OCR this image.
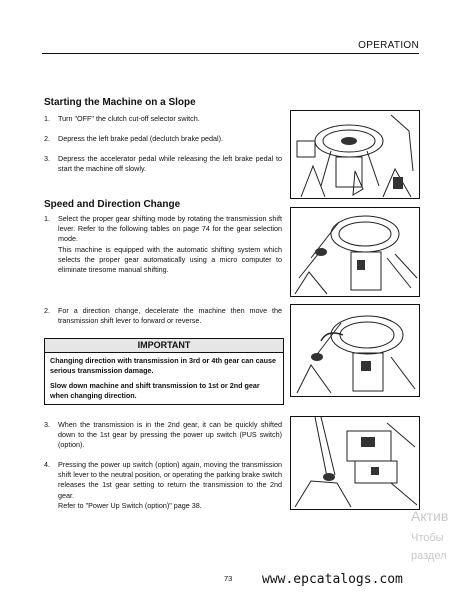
OPERATION
Starting the Machine on a Slope
1. Turn "OFF" the clutch cut-off selector switch.
2. Depress the left brake pedal (declutch brake pedal).
3. Depress the accelerator pedal while releasing the left brake pedal to start the machine off slowly.
Speed and Direction Change
1. Select the proper gear shifting mode by rotating the transmission shift lever. Refer to the following tables on page 74 for the gear selection mode.
This machine is equipped with the automatic shifting system which selects the proper gear automatically using a micro computer to eliminate tiresome manual shifting.
2. For a direction change, decelerate the machine then move the transmission shift lever to forward or reverse.
IMPORTANT
Changing direction with transmission in 3rd or 4th gear can cause serious transmission damage.
Slow down machine and shift transmission to 1st or 2nd gear when changing direction.
3. When the transmission is in the 2nd gear, it can be quickly shifted down to the 1st gear by pressing the power up switch (PUS switch) (option).
4. Pressing the power up switch (option) again, moving the transmission shift lever to the neutral position, or operating the parking brake switch releases the 1st gear setting to return the transmission to the 2nd gear.
Refer to "Power Up Switch (option)" page 38.
73 www.epcatalogs.com
Актив
Чтобы
раздел
